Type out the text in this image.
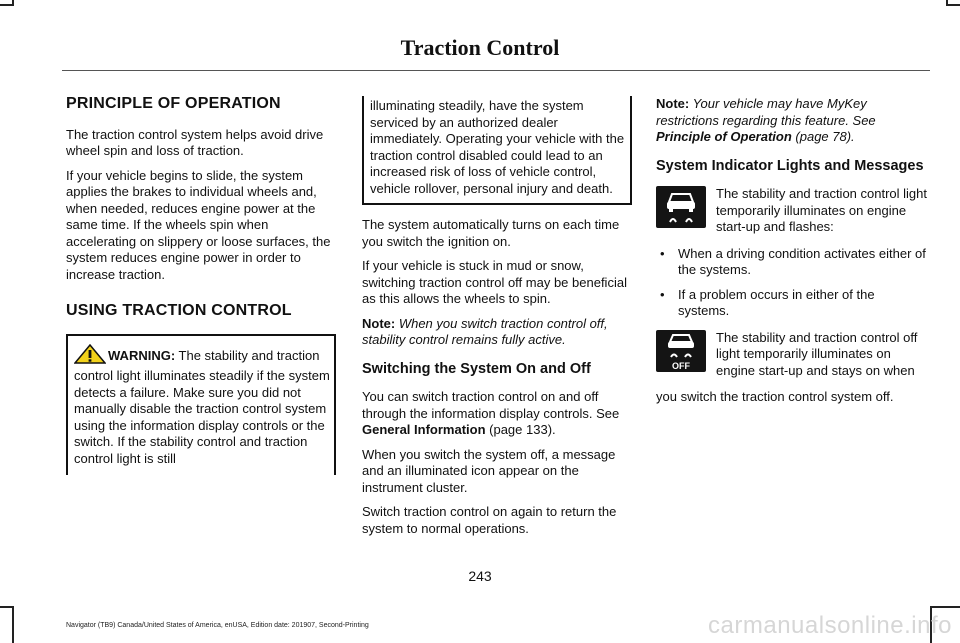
Traction Control
PRINCIPLE OF OPERATION

The traction control system helps avoid drive wheel spin and loss of traction.

If your vehicle begins to slide, the system applies the brakes to individual wheels and, when needed, reduces engine power at the same time. If the wheels spin when accelerating on slippery or loose surfaces, the system reduces engine power in order to increase traction.

USING TRACTION CONTROL
WARNING: The stability and traction control light illuminates steadily if the system detects a failure. Make sure you did not manually disable the traction control system using the information display controls or the switch. If the stability control and traction control light is still
illuminating steadily, have the system serviced by an authorized dealer immediately. Operating your vehicle with the traction control disabled could lead to an increased risk of loss of vehicle control, vehicle rollover, personal injury and death.

The system automatically turns on each time you switch the ignition on.

If your vehicle is stuck in mud or snow, switching traction control off may be beneficial as this allows the wheels to spin.

Note: When you switch traction control off, stability control remains fully active.

Switching the System On and Off

You can switch traction control on and off through the information display controls. See General Information (page 133).

When you switch the system off, a message and an illuminated icon appear on the instrument cluster.

Switch traction control on again to return the system to normal operations.

Note: Your vehicle may have MyKey restrictions regarding this feature. See Principle of Operation (page 78).

System Indicator Lights and Messages
The stability and traction control light temporarily illuminates on engine start-up and flashes:
• When a driving condition activates either of the systems.
• If a problem occurs in either of the systems.
OFF
The stability and traction control off light temporarily illuminates on engine start-up and stays on when

you switch the traction control system off.

243
Navigator (TB9) Canada/United States of America, enUSA, Edition date: 201907, Second-Printing	carmanualsonline.info
